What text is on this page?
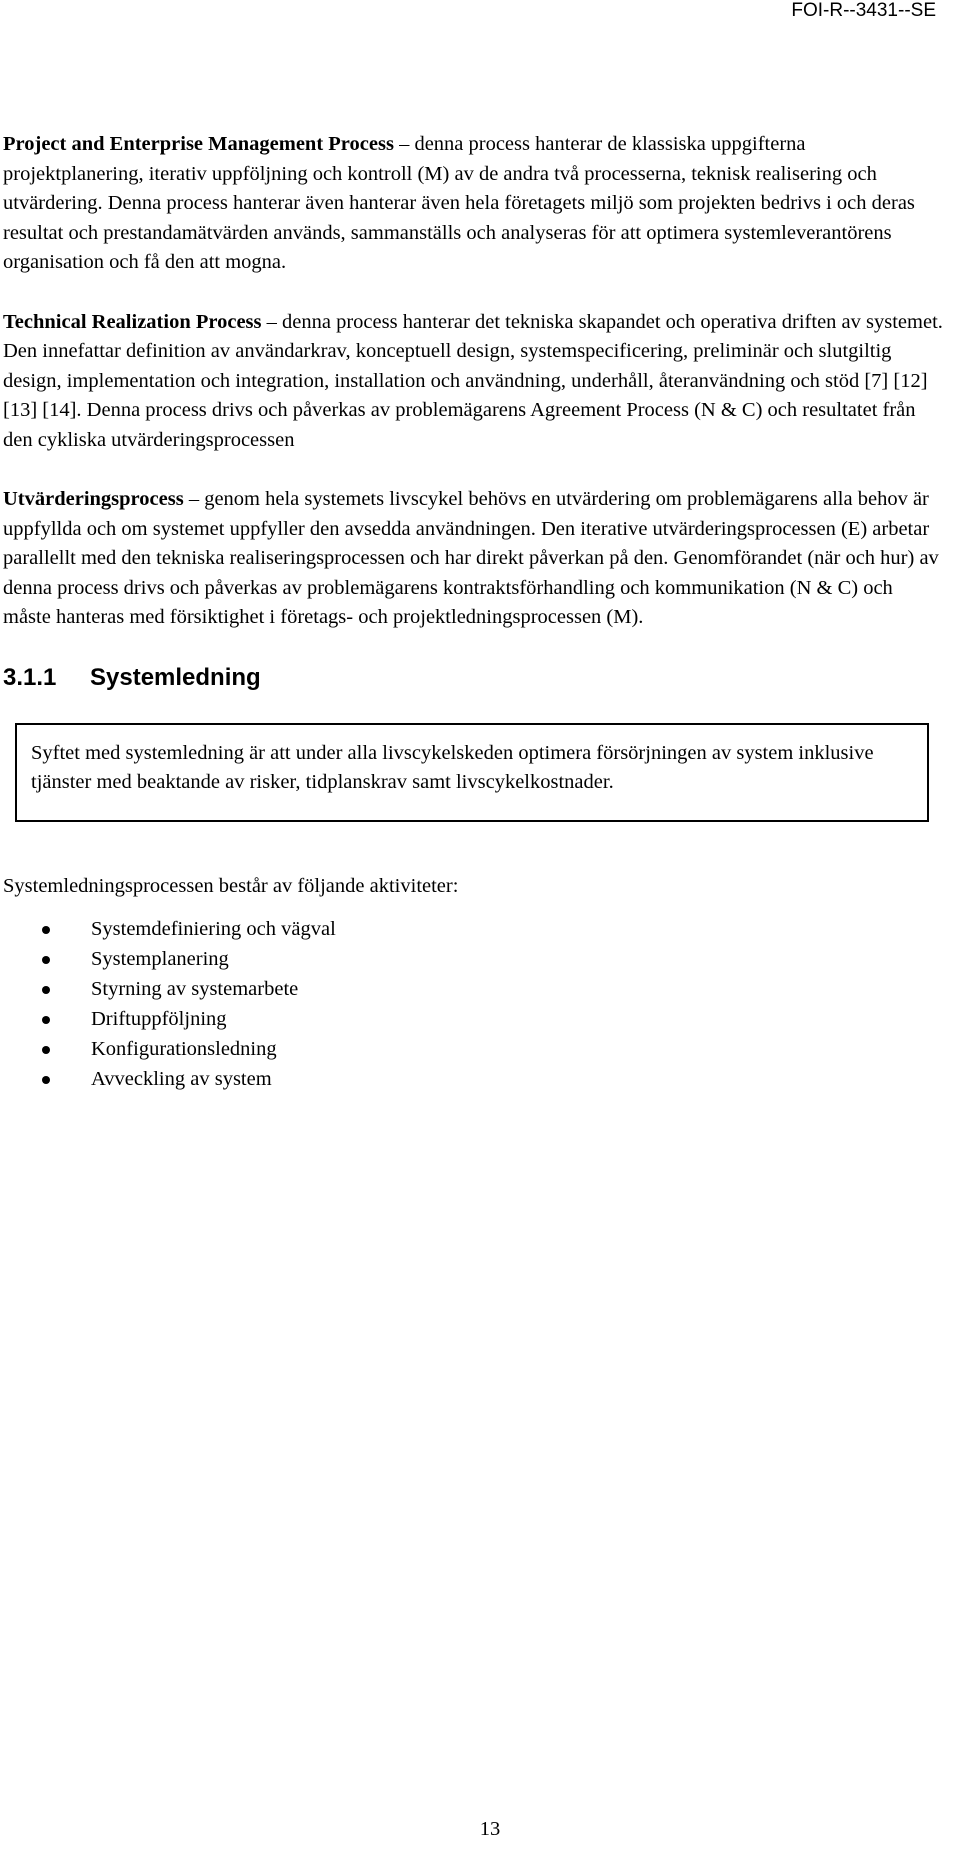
FOI-R--3431--SE

Project and Enterprise Management Process – denna process hanterar de klassiska uppgifterna projektplanering, iterativ uppföljning och kontroll (M) av de andra två processerna, teknisk realisering och utvärdering. Denna process hanterar även hanterar även hela företagets miljö som projekten bedrivs i och deras resultat och prestandamätvärden används, sammanställs och analyseras för att optimera systemleverantörens organisation och få den att mogna.

Technical Realization Process – denna process hanterar det tekniska skapandet och operativa driften av systemet. Den innefattar definition av användarkrav, konceptuell design, systemspecificering, preliminär och slutgiltig design, implementation och integration, installation och användning, underhåll, återanvändning och stöd [7] [12] [13] [14]. Denna process drivs och påverkas av problemägarens Agreement Process (N & C) och resultatet från den cykliska utvärderingsprocessen

Utvärderingsprocess – genom hela systemets livscykel behövs en utvärdering om problemägarens alla behov är uppfyllda och om systemet uppfyller den avsedda användningen. Den iterative utvärderingsprocessen (E) arbetar parallellt med den tekniska realiseringsprocessen och har direkt påverkan på den. Genomförandet (när och hur) av denna process drivs och påverkas av problemägarens kontraktsförhandling och kommunikation (N & C) och måste hanteras med försiktighet i företags- och projektledningsprocessen (M).

3.1.1	Systemledning
Syftet med systemledning är att under alla livscykelskeden optimera försörjningen av system inklusive tjänster med beaktande av risker, tidplanskrav samt livscykelkostnader.

Systemledningsprocessen består av följande aktiviteter:

Systemdefiniering och vägval
Systemplanering
Styrning av systemarbete
Driftuppföljning
Konfigurationsledning
Avveckling av system
13
